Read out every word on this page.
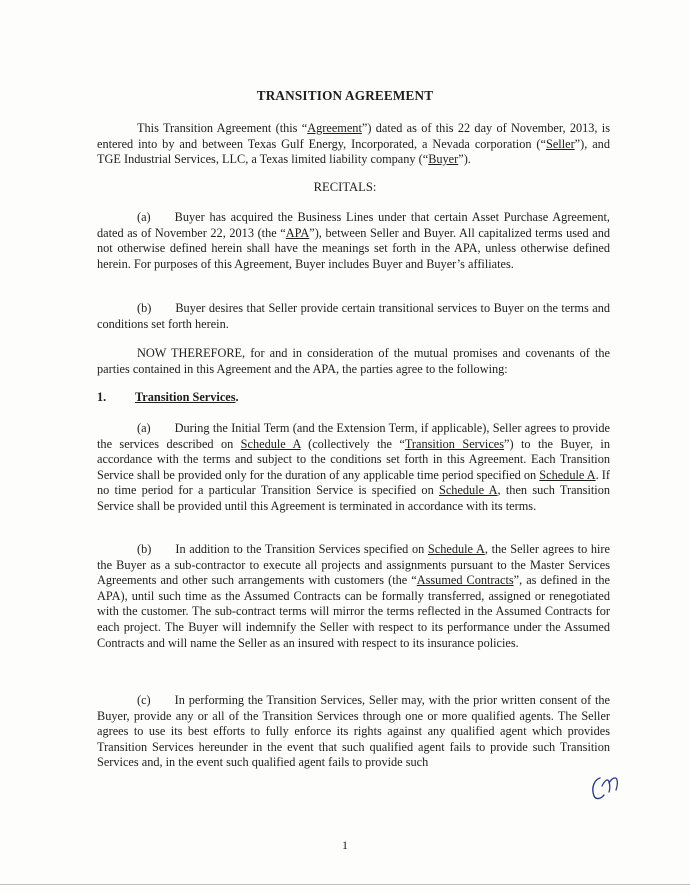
TRANSITION AGREEMENT
This Transition Agreement (this “Agreement”) dated as of this 22 day of November, 2013, is entered into by and between Texas Gulf Energy, Incorporated, a Nevada corporation (“Seller”), and TGE Industrial Services, LLC, a Texas limited liability company (“Buyer”).
RECITALS:
(a) Buyer has acquired the Business Lines under that certain Asset Purchase Agreement, dated as of November 22, 2013 (the “APA”), between Seller and Buyer. All capitalized terms used and not otherwise defined herein shall have the meanings set forth in the APA, unless otherwise defined herein. For purposes of this Agreement, Buyer includes Buyer and Buyer’s affiliates.
(b) Buyer desires that Seller provide certain transitional services to Buyer on the terms and conditions set forth herein.
NOW THEREFORE, for and in consideration of the mutual promises and covenants of the parties contained in this Agreement and the APA, the parties agree to the following:
1. Transition Services.
(a) During the Initial Term (and the Extension Term, if applicable), Seller agrees to provide the services described on Schedule A (collectively the “Transition Services”) to the Buyer, in accordance with the terms and subject to the conditions set forth in this Agreement. Each Transition Service shall be provided only for the duration of any applicable time period specified on Schedule A. If no time period for a particular Transition Service is specified on Schedule A, then such Transition Service shall be provided until this Agreement is terminated in accordance with its terms.
(b) In addition to the Transition Services specified on Schedule A, the Seller agrees to hire the Buyer as a sub-contractor to execute all projects and assignments pursuant to the Master Services Agreements and other such arrangements with customers (the “Assumed Contracts”, as defined in the APA), until such time as the Assumed Contracts can be formally transferred, assigned or renegotiated with the customer. The sub-contract terms will mirror the terms reflected in the Assumed Contracts for each project. The Buyer will indemnify the Seller with respect to its performance under the Assumed Contracts and will name the Seller as an insured with respect to its insurance policies.
(c) In performing the Transition Services, Seller may, with the prior written consent of the Buyer, provide any or all of the Transition Services through one or more qualified agents. The Seller agrees to use its best efforts to fully enforce its rights against any qualified agent which provides Transition Services hereunder in the event that such qualified agent fails to provide such Transition Services and, in the event such qualified agent fails to provide such
1
